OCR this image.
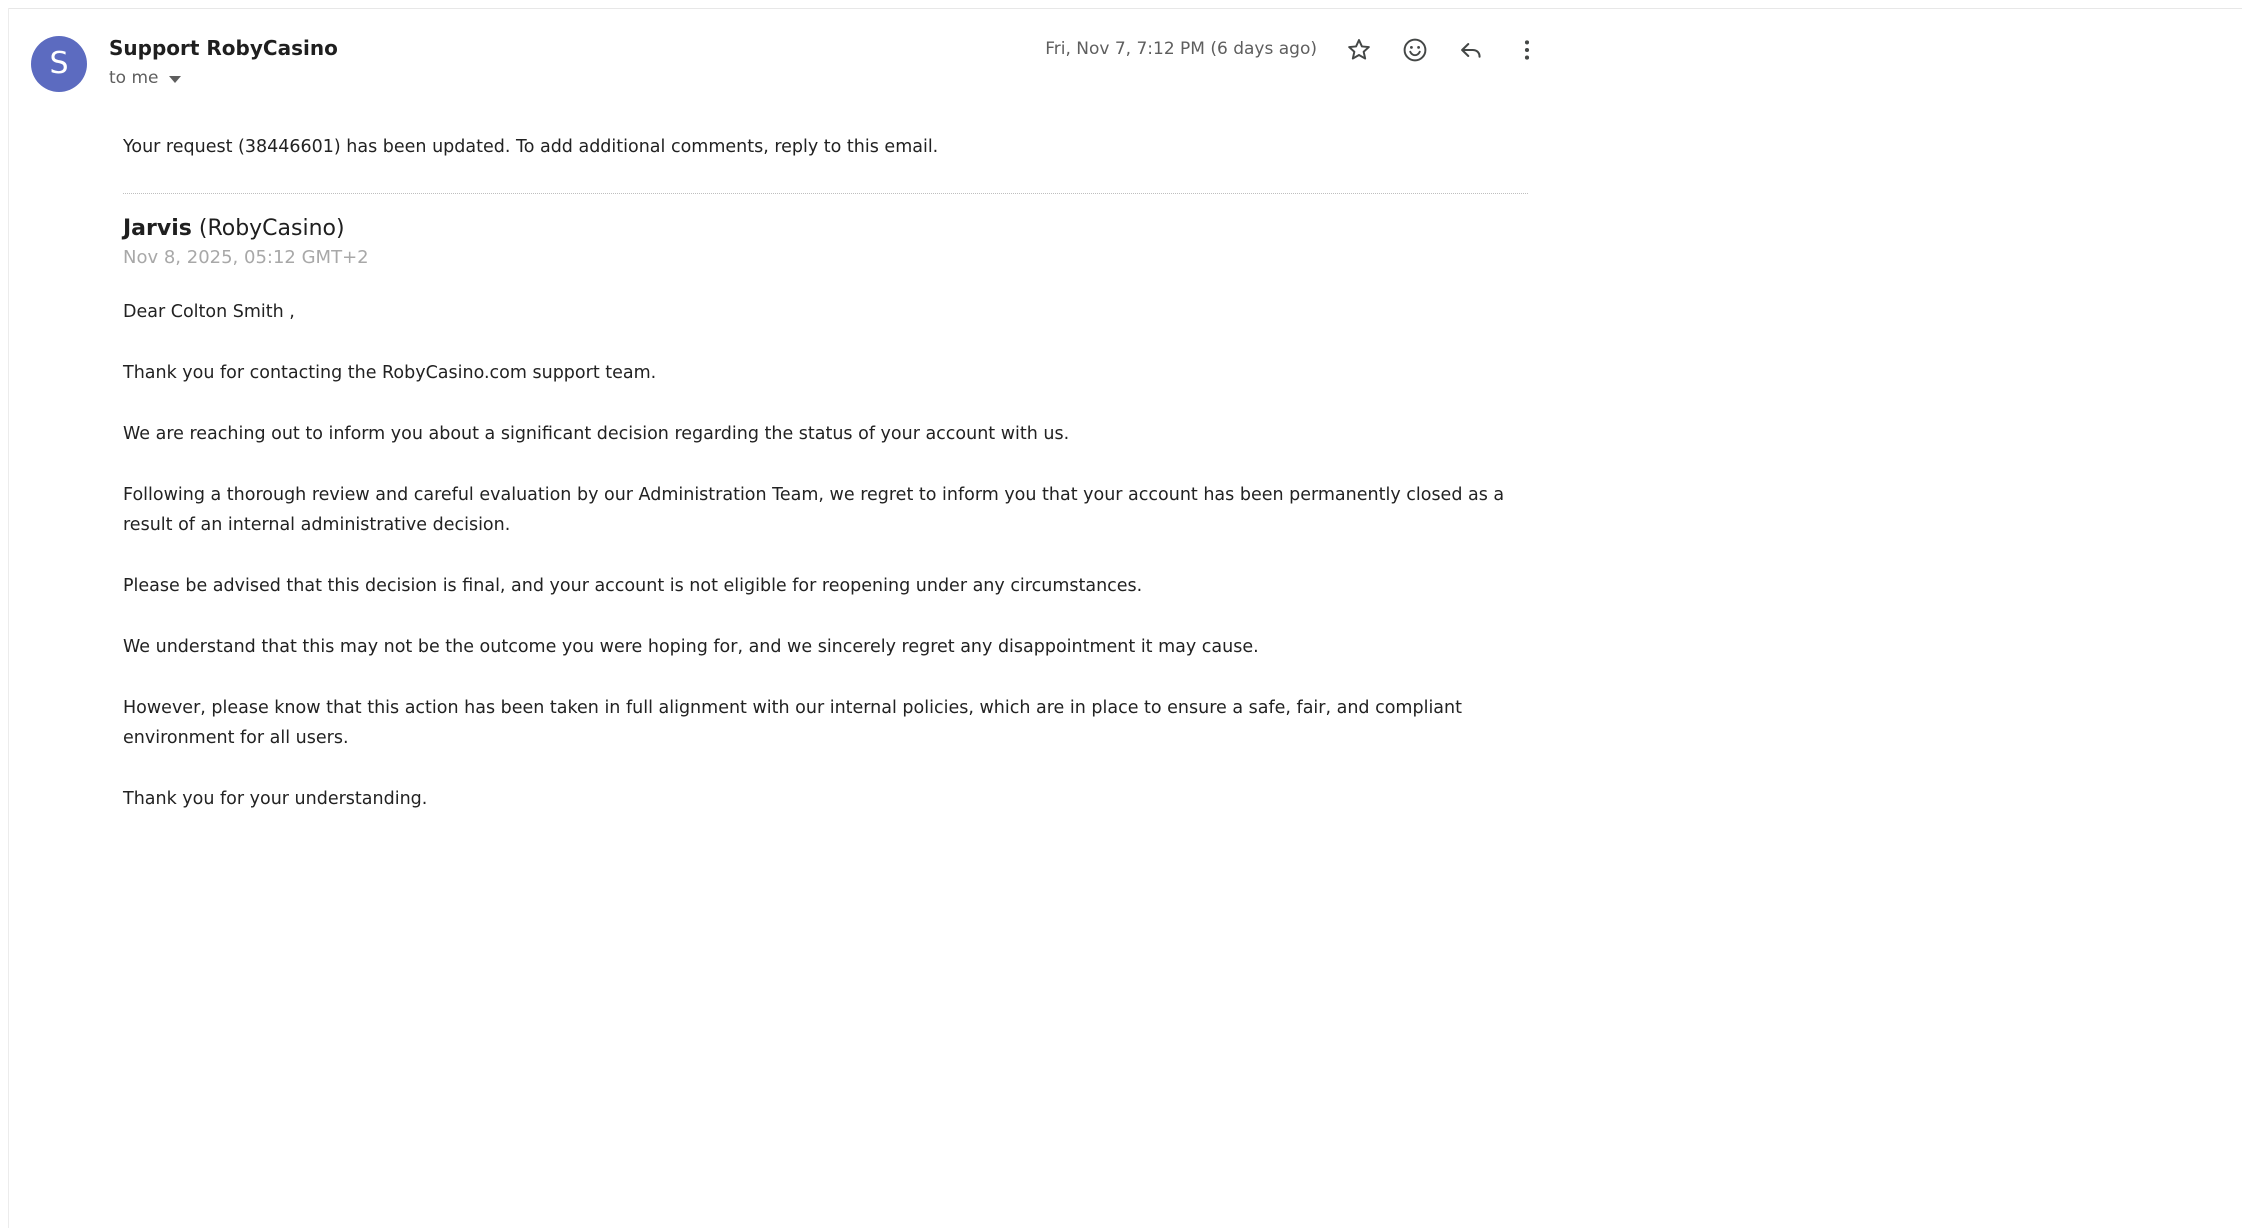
S	Support RobyCasino
to me
Fri, Nov 7, 7:12 PM (6 days ago)

Your request (38446601) has been updated. To add additional comments, reply to this email.

Jarvis (RobyCasino)
Nov 8, 2025, 05:12 GMT+2

Dear Colton Smith ,

Thank you for contacting the RobyCasino.com support team.

We are reaching out to inform you about a significant decision regarding the status of your account with us.

Following a thorough review and careful evaluation by our Administration Team, we regret to inform you that your account has been permanently closed as a result of an internal administrative decision.

Please be advised that this decision is final, and your account is not eligible for reopening under any circumstances.

We understand that this may not be the outcome you were hoping for, and we sincerely regret any disappointment it may cause.

However, please know that this action has been taken in full alignment with our internal policies, which are in place to ensure a safe, fair, and compliant environment for all users.

Thank you for your understanding.
